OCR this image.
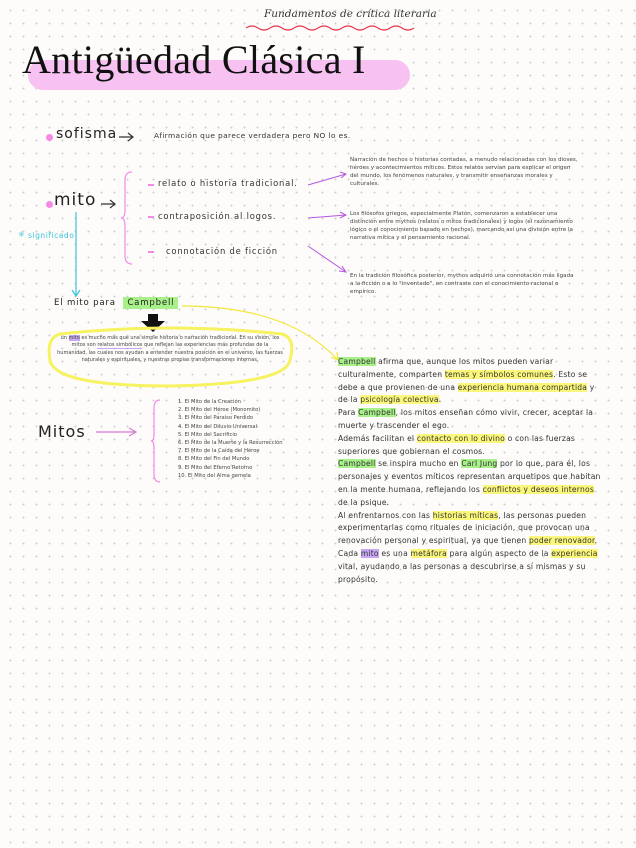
Fundamentos de crítica literaria
Antigüedad Clásica I
sofisma	Afirmación que parece verdadera pero NO lo es.
mito
✳ significado
relato o historia tradicional.
contraposición al logos.
connotación de ficción
Narración de hechos o historias contadas, a menudo relacionadas con los dioses, héroes y acontecimientos míticos. Estos relatos servían para explicar el origen del mundo, los fenómenos naturales, y transmitir enseñanzas morales y culturales.
Los filósofos griegos, especialmente Platón, comenzaron a establecer una distinción entre mythos (relatos o mitos tradicionales) y logos (el razonamiento lógico o el conocimiento basado en hechos), marcando así una división entre la narrativa mítica y el pensamiento racional.
En la tradición filosófica posterior, mythos adquirió una connotación más ligada a la ficción o a lo "inventado", en contraste con el conocimiento racional o empírico.
El mito para Campbell
un mito es mucho más que una simple historia o narración tradicional. En su visión, los mitos son relatos simbólicos que reflejan las experiencias más profundas de la humanidad, las cuales nos ayudan a entender nuestra posición en el universo, las fuerzas naturales y espirituales, y nuestras propias transformaciones internas.
Mitos
1. El Mito de la Creación
2. El Mito del Héroe (Monomito)
3. El Mito del Paraíso Perdido
4. El Mito del Diluvio Universal
5. El Mito del Sacrificio
6. El Mito de la Muerte y la Resurrección
7. El Mito de la Caída del Héroe
8. El Mito del Fin del Mundo
9. El Mito del Eterno Retorno
10. El Mito del Alma gemela

Campbell afirma que, aunque los mitos pueden variar culturalmente, comparten temas y símbolos comunes. Esto se debe a que provienen de una experiencia humana compartida y de la psicología colectiva.

Para Campbell, los mitos enseñan cómo vivir, crecer, aceptar la muerte y trascender el ego.

Además facilitan el contacto con lo divino o con las fuerzas superiores que gobiernan el cosmos.

Campbell se inspira mucho en Carl Jung por lo que, para él, los personajes y eventos míticos representan arquetipos que habitan en la mente humana, reflejando los conflictos y deseos internos de la psique.

Al enfrentarnos con las historias míticas, las personas pueden experimentarlas como rituales de iniciación, que provocan una renovación personal y espiritual, ya que tienen poder renovador.

Cada mito es una metáfora para algún aspecto de la experiencia vital, ayudando a las personas a descubrirse a sí mismas y su propósito.
